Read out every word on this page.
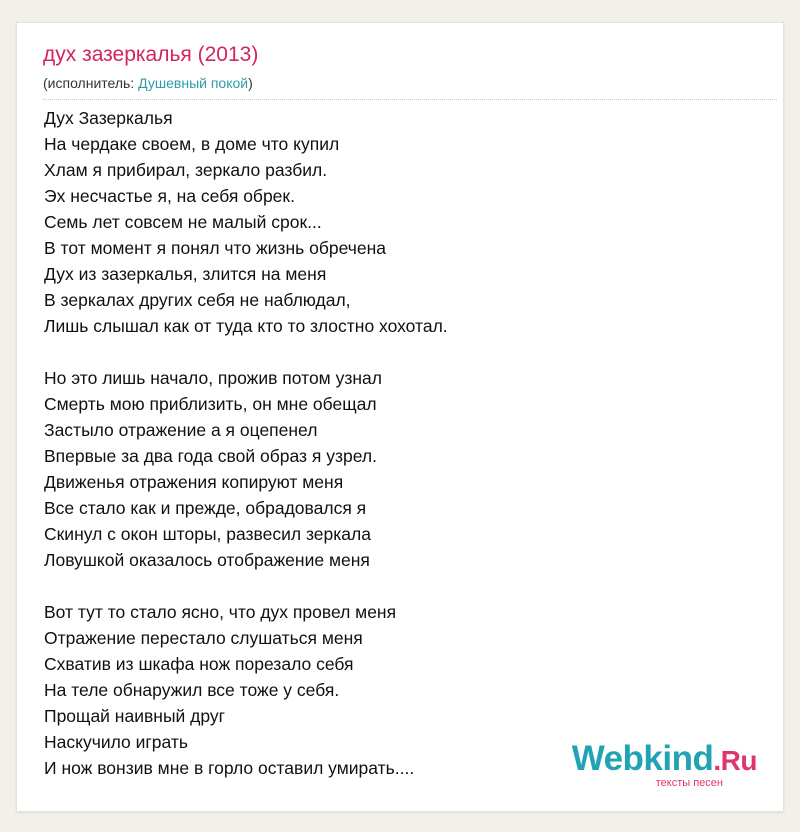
дух зазеркалья (2013)
(исполнитель: Душевный покой)
Дух Зазеркалья
На чердаке своем, в доме что купил
Хлам я прибирал, зеркало разбил.
Эх несчастье я, на себя обрек.
Семь лет совсем не малый срок...
В тот момент я понял что жизнь обречена
Дух из зазеркалья, злится на меня
В зеркалах других себя не наблюдал,
Лишь слышал как от туда кто то злостно хохотал.
Но это лишь начало, прожив потом узнал
Смерть мою приблизить, он мне обещал
Застыло отражение а я оцепенел
Впервые за два года свой образ я узрел.
Движенья отражения копируют меня
Все стало как и прежде, обрадовался я
Скинул с окон шторы, развесил зеркала
Ловушкой оказалось отображение меня
Вот тут то стало ясно, что дух провел меня
Отражение перестало слушаться меня
Схватив из шкафа нож порезало себя
На теле обнаружил все тоже у себя.
Прощай наивный друг
Наскучило играть
И нож вонзив мне в горло оставил умирать....	Webkind.Ru
тексты песен
